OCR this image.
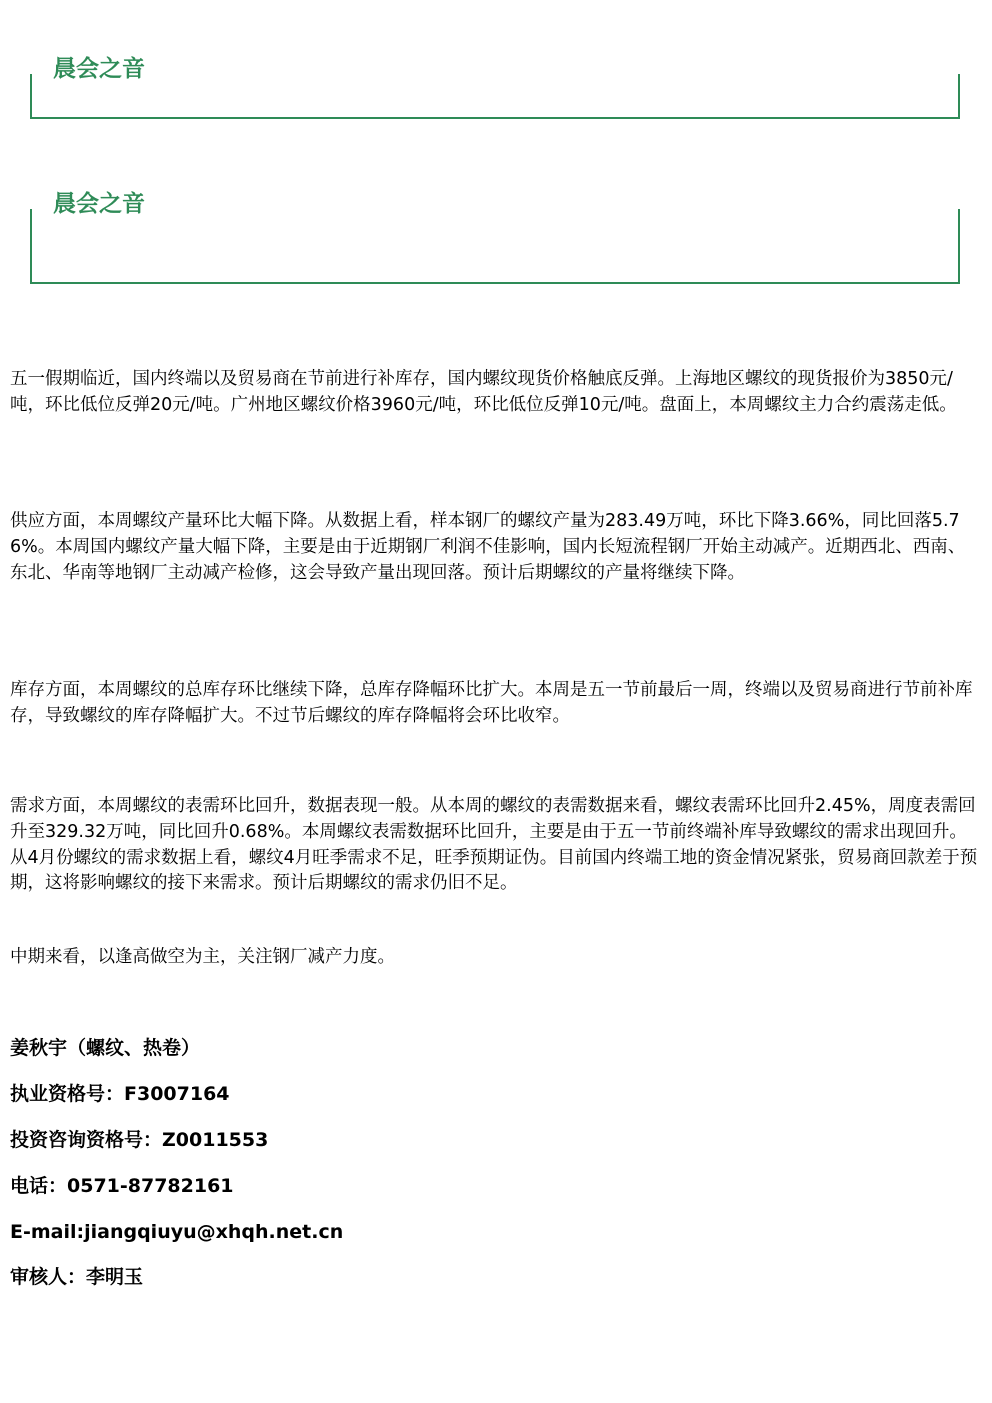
晨会之音
晨会之音

五一假期临近，国内终端以及贸易商在节前进行补库存，国内螺纹现货价格触底反弹。上海地区螺纹的现货报价为3850元/吨，环比低位反弹20元/吨。广州地区螺纹价格3960元/吨，环比低位反弹10元/吨。盘面上，本周螺纹主力合约震荡走低。

供应方面，本周螺纹产量环比大幅下降。从数据上看，样本钢厂的螺纹产量为283.49万吨，环比下降3.66%，同比回落5.76%。本周国内螺纹产量大幅下降，主要是由于近期钢厂利润不佳影响，国内长短流程钢厂开始主动减产。近期西北、西南、东北、华南等地钢厂主动减产检修，这会导致产量出现回落。预计后期螺纹的产量将继续下降。

库存方面，本周螺纹的总库存环比继续下降，总库存降幅环比扩大。本周是五一节前最后一周，终端以及贸易商进行节前补库存，导致螺纹的库存降幅扩大。不过节后螺纹的库存降幅将会环比收窄。

需求方面，本周螺纹的表需环比回升，数据表现一般。从本周的螺纹的表需数据来看，螺纹表需环比回升2.45%，周度表需回升至329.32万吨，同比回升0.68%。本周螺纹表需数据环比回升，主要是由于五一节前终端补库导致螺纹的需求出现回升。从4月份螺纹的需求数据上看，螺纹4月旺季需求不足，旺季预期证伪。目前国内终端工地的资金情况紧张，贸易商回款差于预期，这将影响螺纹的接下来需求。预计后期螺纹的需求仍旧不足。

中期来看，以逢高做空为主，关注钢厂减产力度。

姜秋宇（螺纹、热卷）

执业资格号：F3007164

投资咨询资格号：Z0011553

电话：0571-87782161

E-mail:jiangqiuyu@xhqh.net.cn

审核人：李明玉
